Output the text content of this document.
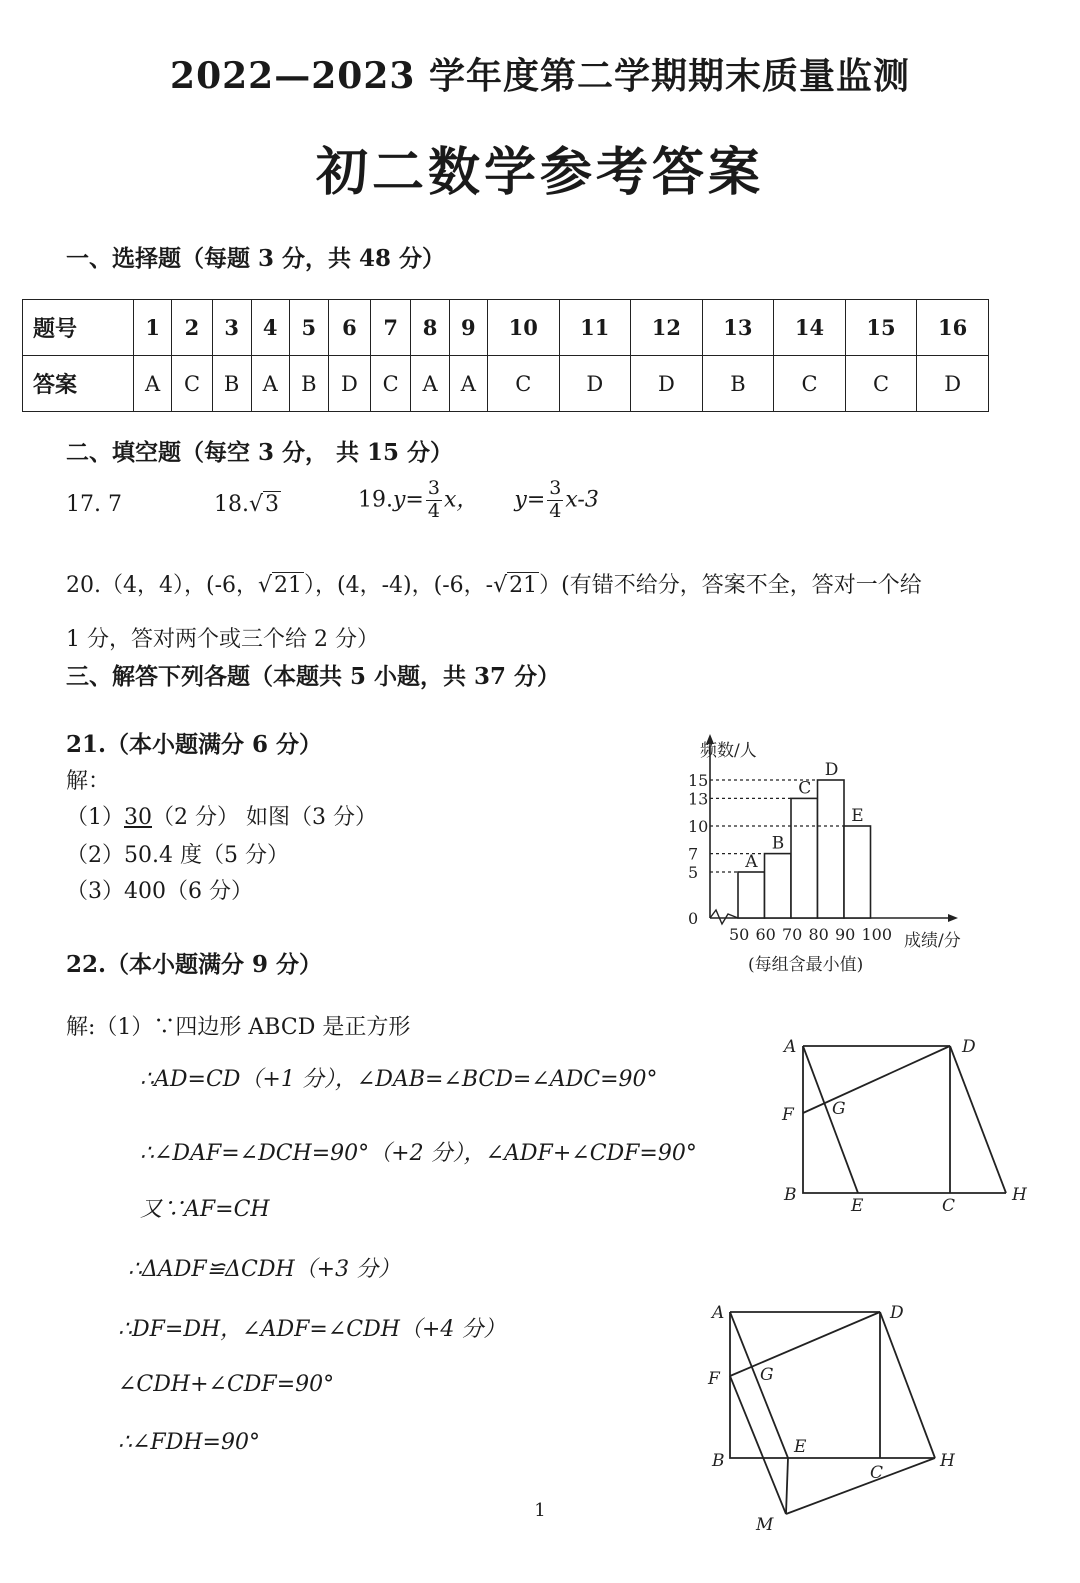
2022—2023 学年度第二学期期末质量监测
初二数学参考答案
一、选择题（每题 3 分，共 48 分）
题号	1	2	3	4	5	6	7	8	9	10	11	12	13	14	15	16
答案	A	C	B	A	B	D	C	A	A	C	D	D	B	C	C	D
二、填空题（每空 3 分， 共 15 分）
17. 7	18.√3	$19.y= \frac{3}{4}$ x， $y= \frac{3}{4} x-3$
20.（4，4），(-6，√21），(4，-4)，(-6，-√21）(有错不给分，答案不全，答对一个给
1 分，答对两个或三个给 2 分）
三、解答下列各题（本题共 5 小题，共 37 分）
21.（本小题满分 6 分）
解：
（1）30（2 分） 如图（3 分）
（2）50.4 度（5 分）
（3）400（6 分）
A
B
C
D
E
0
5
7
10
13
15
50 60 70 80 90 100
频数/人
成绩/分
(每组含最小值)
22.（本小题满分 9 分）
解:（1）∵四边形 ABCD 是正方形
∴AD=CD（+1 分），∠DAB=∠BCD=∠ADC=90°
∴∠DAF=∠DCH=90°（+2 分），∠ADF+∠CDF=90°
又∵AF=CH
∴ΔADF≌ΔCDH（+3 分）
∴DF=DH，∠ADF=∠CDH（+4 分）
∠CDH+∠CDF=90°
∴∠FDH=90°
A	D
F G
B
E	C
H
A	D
F G
E
B
C
H
M
1
